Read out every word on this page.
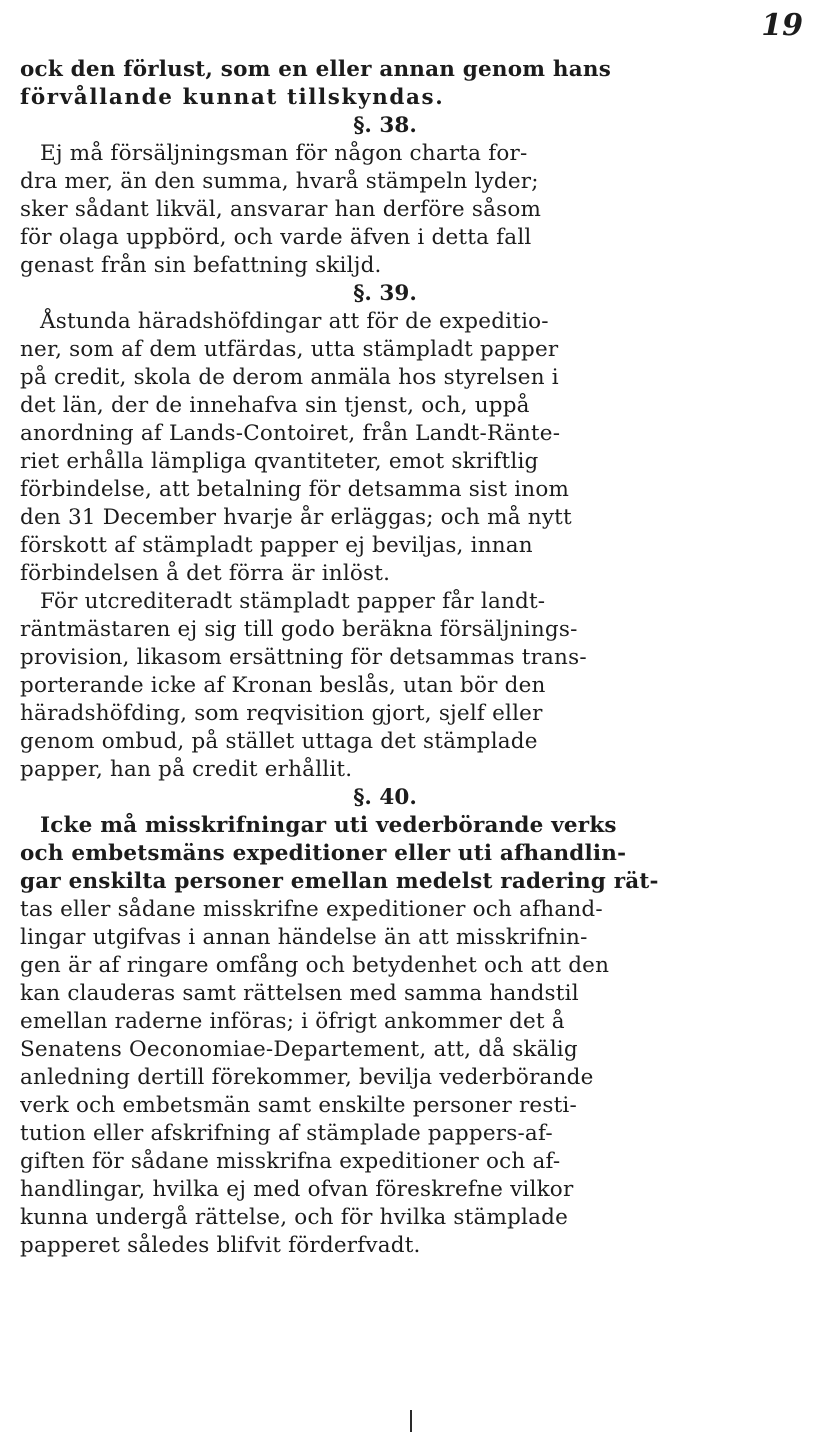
19
ock den förlust, som en eller annan genom hans
förvållande kunnat tillskyndas.
§. 38.
Ej må försäljningsman för någon charta for-
dra mer, än den summa, hvarå stämpeln lyder;
sker sådant likväl, ansvarar han derföre såsom
för olaga uppbörd, och varde äfven i detta fall
genast från sin befattning skiljd.
§. 39.
Åstunda häradshöfdingar att för de expeditio-
ner, som af dem utfärdas, utta stämpladt papper
på credit, skola de derom anmäla hos styrelsen i
det län, der de innehafva sin tjenst, och, uppå
anordning af Lands-Contoiret, från Landt-Ränte-
riet erhålla lämpliga qvantiteter, emot skriftlig
förbindelse, att betalning för detsamma sist inom
den 31 December hvarje år erläggas; och må nytt
förskott af stämpladt papper ej beviljas, innan
förbindelsen å det förra är inlöst.
För utcrediteradt stämpladt papper får landt-
räntmästaren ej sig till godo beräkna försäljnings-
provision, likasom ersättning för detsammas trans-
porterande icke af Kronan beslås, utan bör den
häradshöfding, som reqvisition gjort, sjelf eller
genom ombud, på stället uttaga det stämplade
papper, han på credit erhållit.
§. 40.
Icke må misskrifningar uti vederbörande verks
och embetsmäns expeditioner eller uti afhandlin-
gar enskilta personer emellan medelst radering rät-
tas eller sådane misskrifne expeditioner och afhand-
lingar utgifvas i annan händelse än att misskrifnin-
gen är af ringare omfång och betydenhet och att den
kan clauderas samt rättelsen med samma handstil
emellan raderne införas; i öfrigt ankommer det å
Senatens Oeconomiae-Departement, att, då skälig
anledning dertill förekommer, bevilja vederbörande
verk och embetsmän samt enskilte personer resti-
tution eller afskrifning af stämplade pappers-af-
giften för sådane misskrifna expeditioner och af-
handlingar, hvilka ej med ofvan föreskrefne vilkor
kunna undergå rättelse, och för hvilka stämplade
papperet således blifvit förderfvadt.
